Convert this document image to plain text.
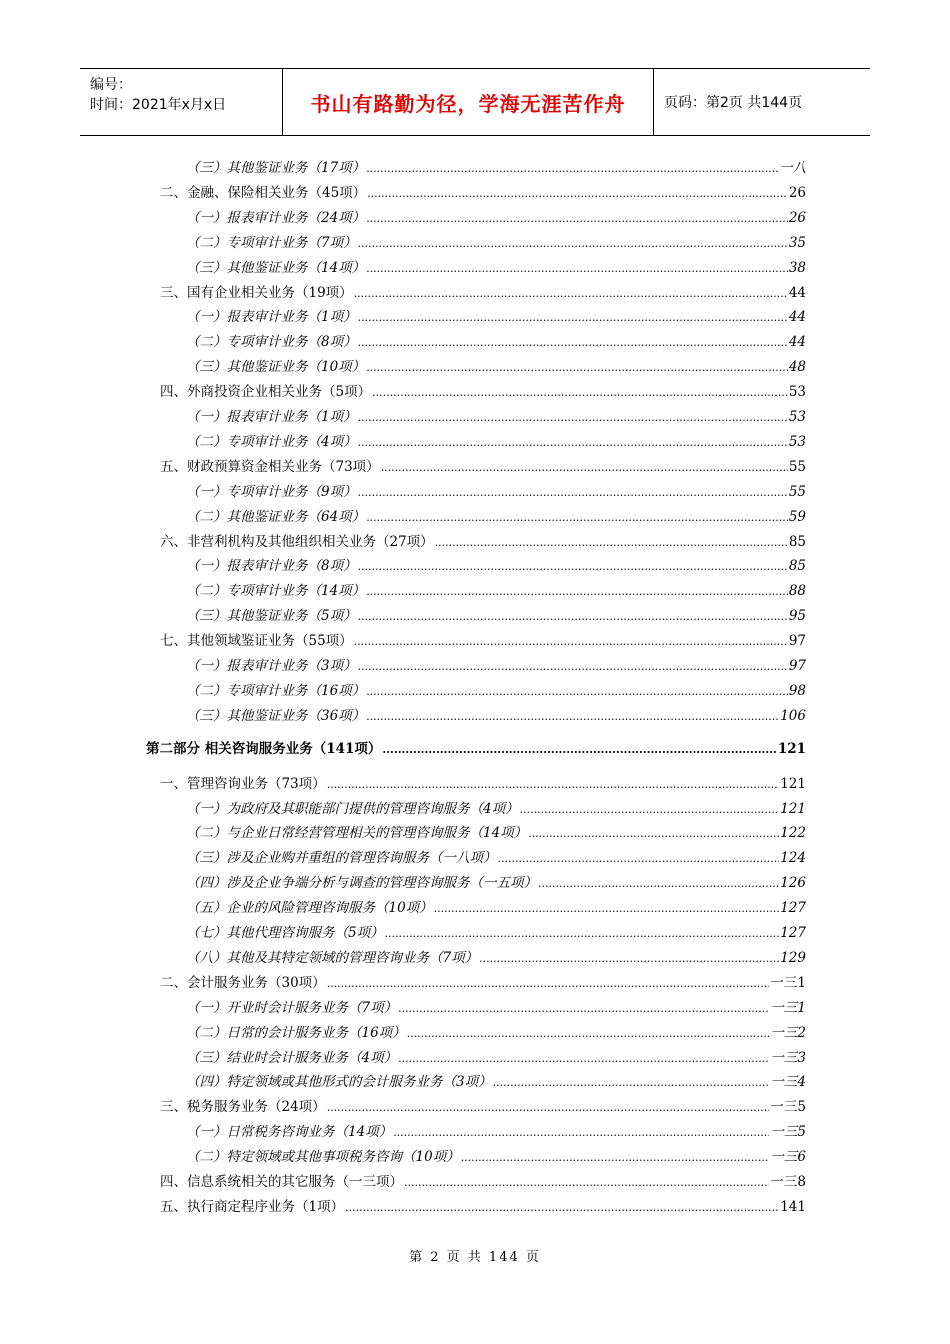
编号：
时间：2021年x月x日	书山有路勤为径，学海无涯苦作舟	页码：第2页 共144页
（三）其他鉴证业务（17项） .....	一八
二、金融、保险相关业务（45项） .....	26
（一）报表审计业务（24项） .....	26
（二）专项审计业务（7项） .....	35
（三）其他鉴证业务（14项） .....	38
三、国有企业相关业务（19项） .....	44
（一）报表审计业务（1项） .....	44
（二）专项审计业务（8项） .....	44
（三）其他鉴证业务（10项） .....	48
四、外商投资企业相关业务（5项） .....	53
（一）报表审计业务（1项） .....	53
（二）专项审计业务（4项） .....	53
五、财政预算资金相关业务（73项） .....	55
（一）专项审计业务（9项） .....	55
（二）其他鉴证业务（64项） .....	59
六、非营利机构及其他组织相关业务（27项） .....	85
（一）报表审计业务（8项） .....	85
（二）专项审计业务（14项） .....	88
（三）其他鉴证业务（5项） .....	95
七、其他领域鉴证业务（55项） .....	97
（一）报表审计业务（3项） .....	97
（二）专项审计业务（16项） .....	98
（三）其他鉴证业务（36项） .....	106
第二部分 相关咨询服务业务（141项） .....	121
一、管理咨询业务（73项） .....	121
（一）为政府及其职能部门提供的管理咨询服务（4项） .....	121
（二）与企业日常经营管理相关的管理咨询服务（14项） .....	122
（三）涉及企业购并重组的管理咨询服务（一八项） .....	124
（四）涉及企业争端分析与调查的管理咨询服务（一五项） .....	126
（五）企业的风险管理咨询服务（10项） .....	127
（七）其他代理咨询服务（5项） .....	127
（八）其他及其特定领域的管理咨询业务（7项） .....	129
二、会计服务业务（30项） .....	一三1
（一）开业时会计服务业务（7项） .....	一三1
（二）日常的会计服务业务（16项） .....	一三2
（三）结业时会计服务业务（4项） .....	一三3
（四）特定领域或其他形式的会计服务业务（3项） .....	一三4
三、税务服务业务（24项） .....	一三5
（一）日常税务咨询业务（14项） .....	一三5
（二）特定领域或其他事项税务咨询（10项） .....	一三6
四、信息系统相关的其它服务（一三项） .....	一三8
五、执行商定程序业务（1项） .....	141
第 2 页 共 144 页
